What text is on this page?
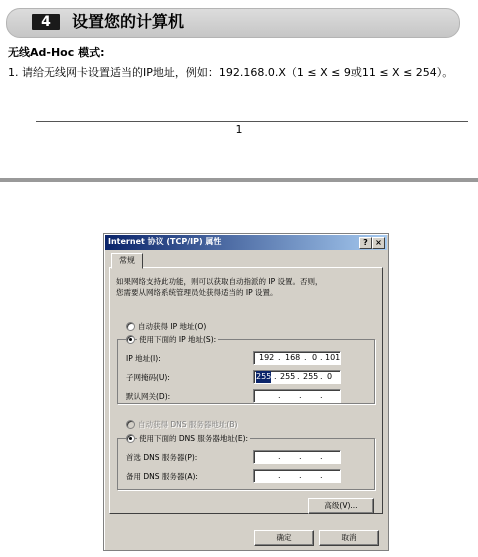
4	设置您的计算机
无线Ad-Hoc 模式:
1. 请给无线网卡设置适当的IP地址，例如：192.168.0.X（1 ≤ X ≤ 9或11 ≤ X ≤ 254）。
1
Internet 协议 (TCP/IP) 属性	? ×
常规
如果网络支持此功能，则可以获取自动指派的 IP 设置。否则，
您需要从网络系统管理员处获得适当的 IP 设置。
自动获得 IP 地址(O)
使用下面的 IP 地址(S):
IP 地址(I):	192 . 168 . 0 . 101
子网掩码(U):	255 . 255 . 255 . 0
默认网关(D):	. . .
自动获得 DNS 服务器地址(B)
使用下面的 DNS 服务器地址(E):
首选 DNS 服务器(P):	. . .
备用 DNS 服务器(A):	. . .
高级(V)...
确定	取消
